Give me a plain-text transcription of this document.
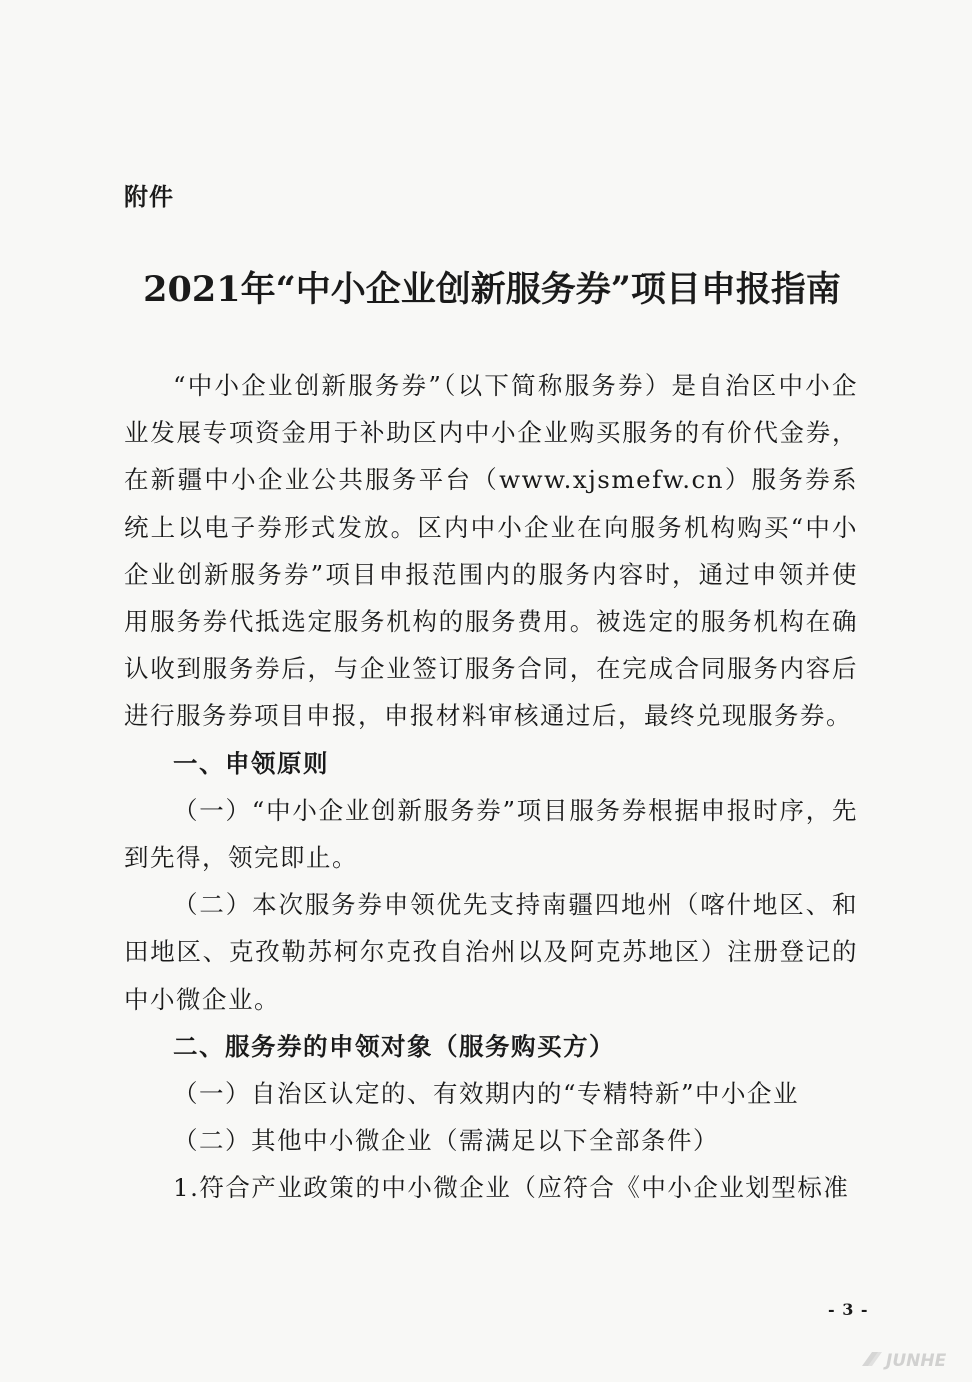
附件
2021年“中小企业创新服务券”项目申报指南

“中小企业创新服务券”（以下简称服务券）是自治区中小企业发展专项资金用于补助区内中小企业购买服务的有价代金券，在新疆中小企业公共服务平台（www.xjsmefw.cn）服务券系统上以电子券形式发放。区内中小企业在向服务机构购买“中小企业创新服务券”项目申报范围内的服务内容时，通过申领并使用服务券代抵选定服务机构的服务费用。被选定的服务机构在确认收到服务券后，与企业签订服务合同，在完成合同服务内容后进行服务券项目申报，申报材料审核通过后，最终兑现服务券。

一、申领原则

（一）“中小企业创新服务券”项目服务券根据申报时序，先到先得，领完即止。

（二）本次服务券申领优先支持南疆四地州（喀什地区、和田地区、克孜勒苏柯尔克孜自治州以及阿克苏地区）注册登记的中小微企业。

二、服务券的申领对象（服务购买方）

（一）自治区认定的、有效期内的“专精特新”中小企业

（二）其他中小微企业（需满足以下全部条件）

1.符合产业政策的中小微企业（应符合《中小企业划型标准

- 3 -
JUNHE
